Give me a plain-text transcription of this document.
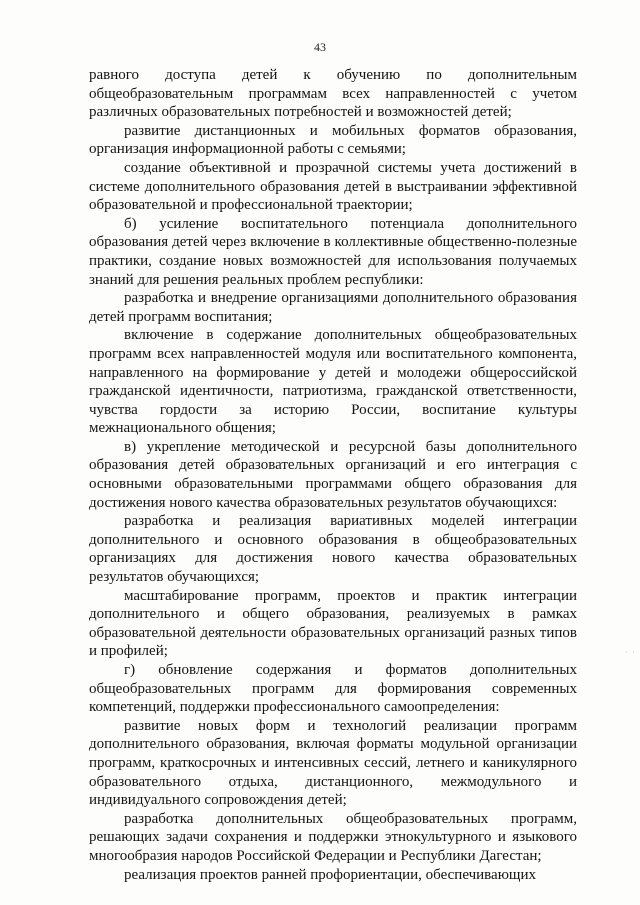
43

равного доступа детей к обучению по дополнительным общеобразовательным программам всех направленностей с учетом различных образовательных потребностей и возможностей детей;

развитие дистанционных и мобильных форматов образования, организация информационной работы с семьями;

создание объективной и прозрачной системы учета достижений в системе дополнительного образования детей в выстраивании эффективной образовательной и профессиональной траектории;

б) усиление воспитательного потенциала дополнительного образования детей через включение в коллективные общественно-полезные практики, создание новых возможностей для использования получаемых знаний для решения реальных проблем республики:

разработка и внедрение организациями дополнительного образования детей программ воспитания;

включение в содержание дополнительных общеобразовательных программ всех направленностей модуля или воспитательного компонента, направленного на формирование у детей и молодежи общероссийской гражданской идентичности, патриотизма, гражданской ответственности, чувства гордости за историю России, воспитание культуры межнационального общения;

в) укрепление методической и ресурсной базы дополнительного образования детей образовательных организаций и его интеграция с основными образовательными программами общего образования для достижения нового качества образовательных результатов обучающихся:

разработка и реализация вариативных моделей интеграции дополнительного и основного образования в общеобразовательных организациях для достижения нового качества образовательных результатов обучающихся;

масштабирование программ, проектов и практик интеграции дополнительного и общего образования, реализуемых в рамках образовательной деятельности образовательных организаций разных типов и профилей;

г) обновление содержания и форматов дополнительных общеобразовательных программ для формирования современных компетенций, поддержки профессионального самоопределения:

развитие новых форм и технологий реализации программ дополнительного образования, включая форматы модульной организации программ, краткосрочных и интенсивных сессий, летнего и каникулярного образовательного отдыха, дистанционного, межмодульного и индивидуального сопровождения детей;

разработка дополнительных общеобразовательных программ, решающих задачи сохранения и поддержки этнокультурного и языкового многообразия народов Российской Федерации и Республики Дагестан;

реализация проектов ранней профориентации, обеспечивающих

· ·
